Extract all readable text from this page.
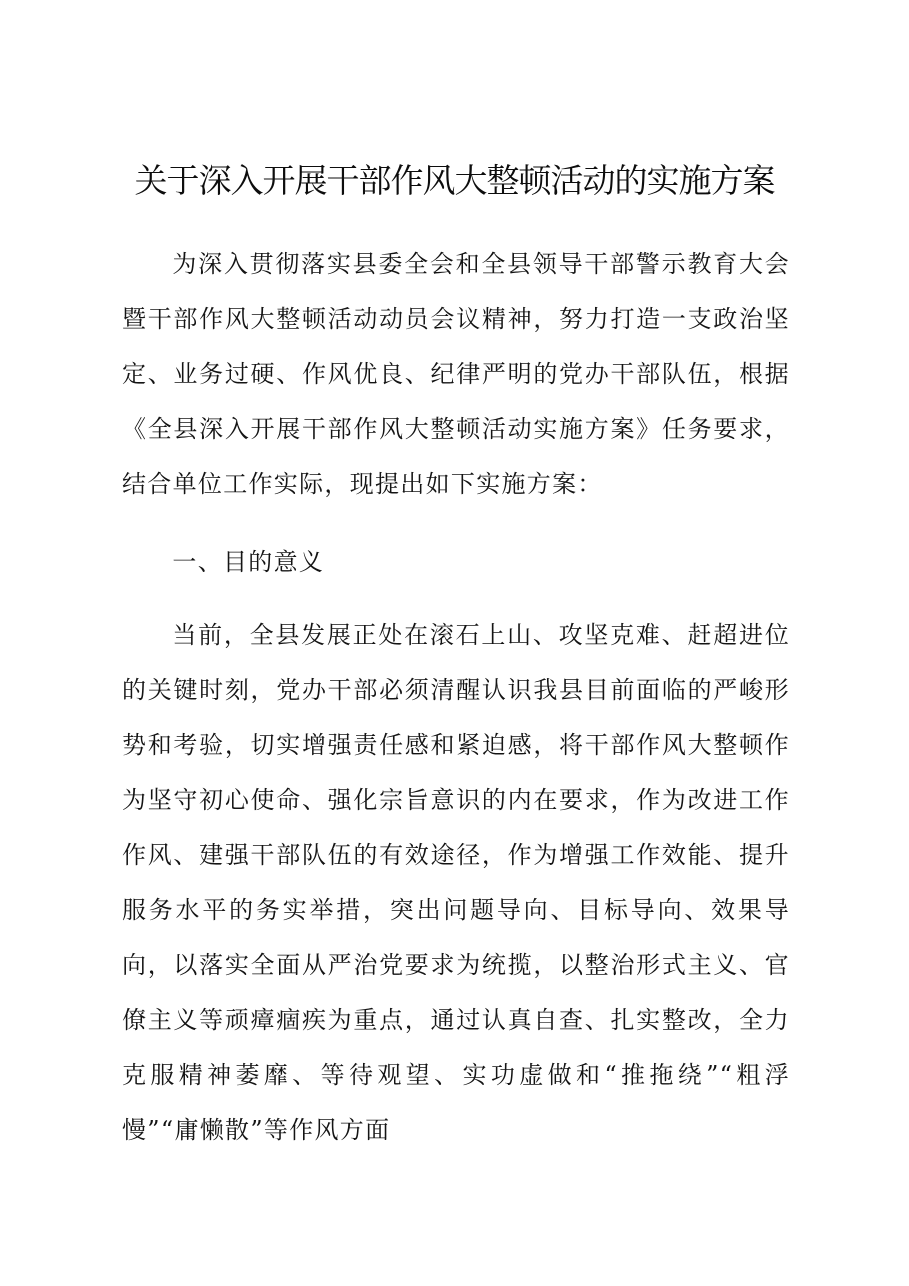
关于深入开展干部作风大整顿活动的实施方案

为深入贯彻落实县委全会和全县领导干部警示教育大会暨干部作风大整顿活动动员会议精神，努力打造一支政治坚定、业务过硬、作风优良、纪律严明的党办干部队伍，根据《全县深入开展干部作风大整顿活动实施方案》任务要求，结合单位工作实际，现提出如下实施方案：

一、目的意义

当前，全县发展正处在滚石上山、攻坚克难、赶超进位的关键时刻，党办干部必须清醒认识我县目前面临的严峻形势和考验，切实增强责任感和紧迫感，将干部作风大整顿作为坚守初心使命、强化宗旨意识的内在要求，作为改进工作作风、建强干部队伍的有效途径，作为增强工作效能、提升服务水平的务实举措，突出问题导向、目标导向、效果导向，以落实全面从严治党要求为统揽，以整治形式主义、官僚主义等顽瘴痼疾为重点，通过认真自查、扎实整改，全力克服精神萎靡、等待观望、实功虚做和“推拖绕”“粗浮慢”“庸懒散”等作风方面
